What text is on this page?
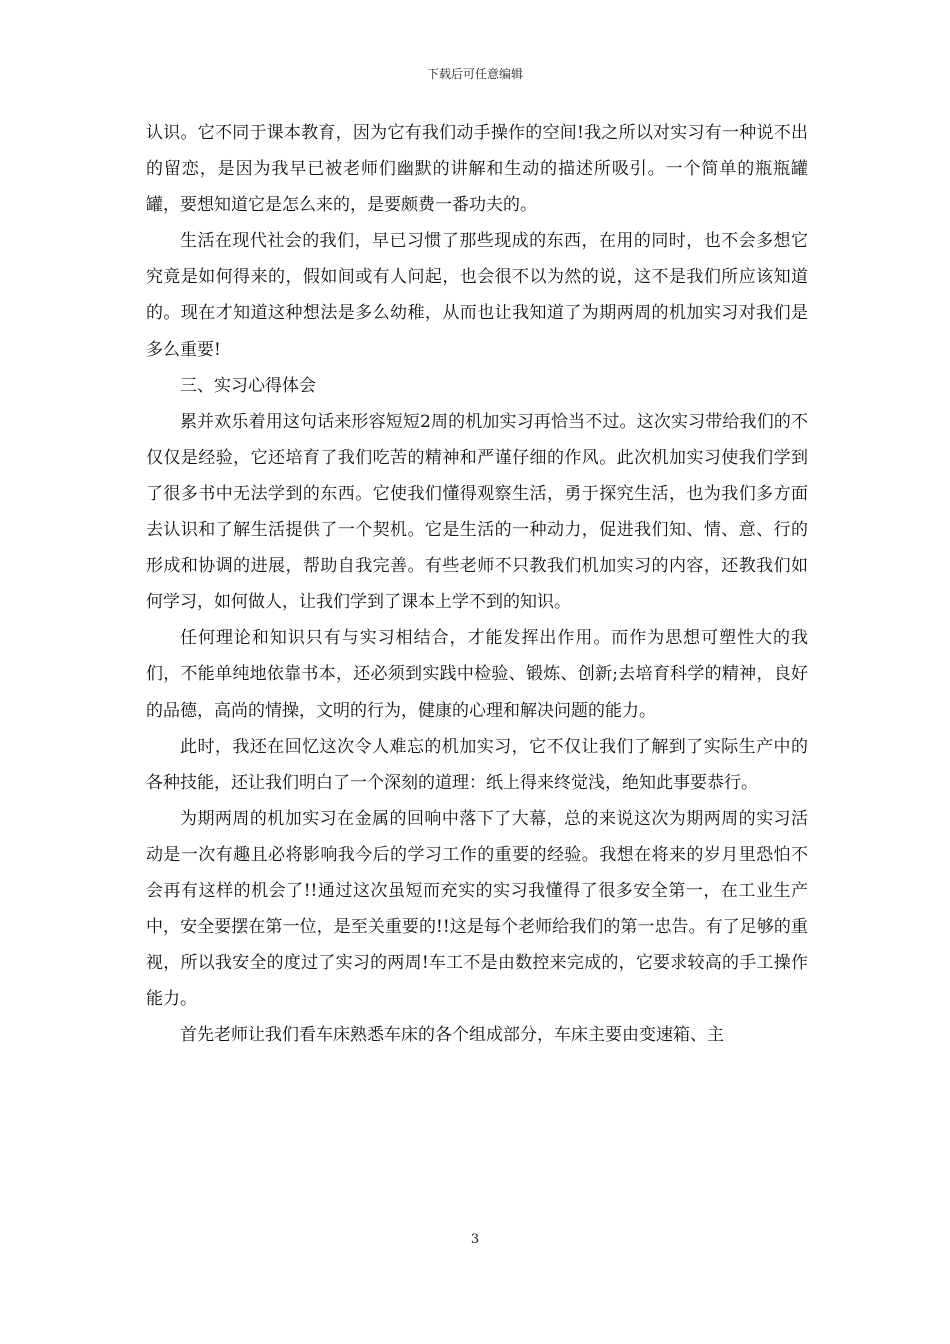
下载后可任意编辑

认识。它不同于课本教育，因为它有我们动手操作的空间!我之所以对实习有一种说不出的留恋，是因为我早已被老师们幽默的讲解和生动的描述所吸引。一个简单的瓶瓶罐罐，要想知道它是怎么来的，是要颇费一番功夫的。

生活在现代社会的我们，早已习惯了那些现成的东西，在用的同时，也不会多想它究竟是如何得来的，假如间或有人问起，也会很不以为然的说，这不是我们所应该知道的。现在才知道这种想法是多么幼稚，从而也让我知道了为期两周的机加实习对我们是多么重要!

三、实习心得体会

累并欢乐着用这句话来形容短短2周的机加实习再恰当不过。这次实习带给我们的不仅仅是经验，它还培育了我们吃苦的精神和严谨仔细的作风。此次机加实习使我们学到了很多书中无法学到的东西。它使我们懂得观察生活，勇于探究生活，也为我们多方面去认识和了解生活提供了一个契机。它是生活的一种动力，促进我们知、情、意、行的形成和协调的进展，帮助自我完善。有些老师不只教我们机加实习的内容，还教我们如何学习，如何做人，让我们学到了课本上学不到的知识。

任何理论和知识只有与实习相结合，才能发挥出作用。而作为思想可塑性大的我们，不能单纯地依靠书本，还必须到实践中检验、锻炼、创新;去培育科学的精神，良好的品德，高尚的情操，文明的行为，健康的心理和解决问题的能力。

此时，我还在回忆这次令人难忘的机加实习，它不仅让我们了解到了实际生产中的各种技能，还让我们明白了一个深刻的道理：纸上得来终觉浅，绝知此事要恭行。

为期两周的机加实习在金属的回响中落下了大幕，总的来说这次为期两周的实习活动是一次有趣且必将影响我今后的学习工作的重要的经验。我想在将来的岁月里恐怕不会再有这样的机会了!!通过这次虽短而充实的实习我懂得了很多安全第一，在工业生产中，安全要摆在第一位，是至关重要的!!这是每个老师给我们的第一忠告。有了足够的重视，所以我安全的度过了实习的两周!车工不是由数控来完成的，它要求较高的手工操作能力。

首先老师让我们看车床熟悉车床的各个组成部分，车床主要由变速箱、主

3
